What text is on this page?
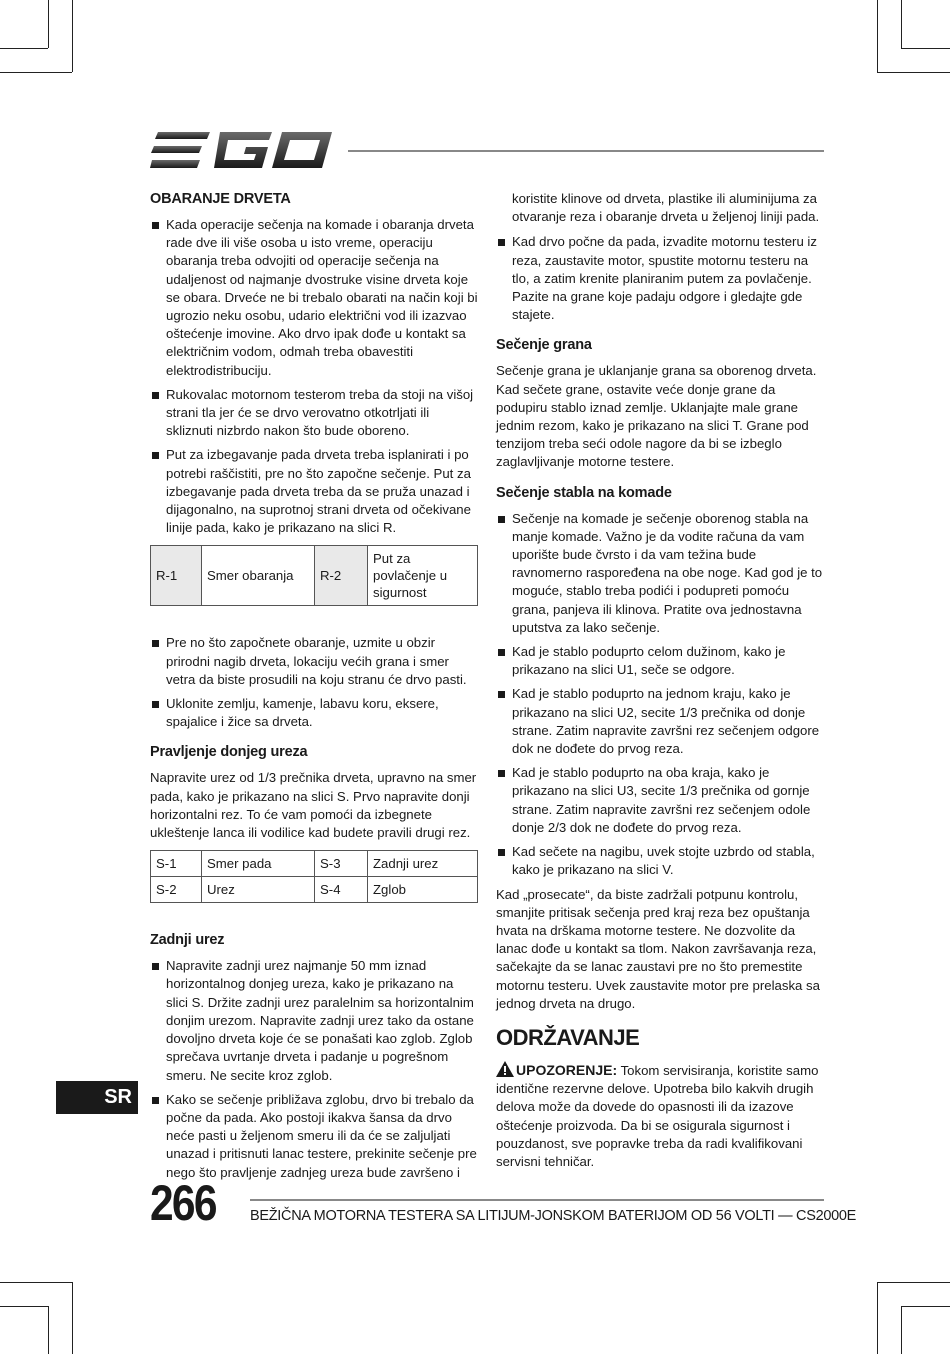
OBARANJE DRVETA
Kada operacije sečenja na komade i obaranja drveta rade dve ili više osoba u isto vreme, operaciju obaranja treba odvojiti od operacije sečenja na udaljenost od najmanje dvostruke visine drveta koje se obara. Drveće ne bi trebalo obarati na način koji bi ugrozio neku osobu, udario električni vod ili izazvao oštećenje imovine. Ako drvo ipak dođe u kontakt sa električnim vodom, odmah treba obavestiti elektrodistribuciju.
Rukovalac motornom testerom treba da stoji na višoj strani tla jer će se drvo verovatno otkotrljati ili skliznuti nizbrdo nakon što bude oboreno.
Put za izbegavanje pada drveta treba isplanirati i po potrebi raščistiti, pre no što započne sečenje. Put za izbegavanje pada drveta treba da se pruža unazad i dijagonalno, na suprotnoj strani drveta od očekivane linije pada, kako je prikazano na slici R.
R-1	Smer obaranja	R-2	Put za povlačenje u sigurnost
Pre no što započnete obaranje, uzmite u obzir prirodni nagib drveta, lokaciju većih grana i smer vetra da biste prosudili na koju stranu će drvo pasti.
Uklonite zemlju, kamenje, labavu koru, eksere, spajalice i žice sa drveta.
Pravljenje donjeg ureza

Napravite urez od 1/3 prečnika drveta, upravno na smer pada, kako je prikazano na slici S. Prvo napravite donji horizontalni rez. To će vam pomoći da izbegnete ukleštenje lanca ili vodilice kad budete pravili drugi rez.

S-1	Smer pada	S-3	Zadnji urez
S-2	Urez	S-4	Zglob
Zadnji urez
Napravite zadnji urez najmanje 50 mm iznad horizontalnog donjeg ureza, kako je prikazano na slici S. Držite zadnji urez paralelnim sa horizontalnim donjim urezom. Napravite zadnji urez tako da ostane dovoljno drveta koje će se ponašati kao zglob. Zglob sprečava uvrtanje drveta i padanje u pogrešnom smeru. Ne secite kroz zglob.
Kako se sečenje približava zglobu, drvo bi trebalo da počne da pada. Ako postoji ikakva šansa da drvo neće pasti u željenom smeru ili da će se zaljuljati unazad i pritisnuti lanac testere, prekinite sečenje pre nego što pravljenje zadnjeg ureza bude završeno i

koristite klinove od drveta, plastike ili aluminijuma za otvaranje reza i obaranje drveta u željenoj liniji pada.

Kad drvo počne da pada, izvadite motornu testeru iz reza, zaustavite motor, spustite motornu testeru na tlo, a zatim krenite planiranim putem za povlačenje. Pazite na grane koje padaju odgore i gledajte gde stajete.
Sečenje grana

Sečenje grana je uklanjanje grana sa oborenog drveta. Kad sečete grane, ostavite veće donje grane da podupiru stablo iznad zemlje. Uklanjajte male grane jednim rezom, kako je prikazano na slici T. Grane pod tenzijom treba seći odole nagore da bi se izbeglo zaglavljivanje motorne testere.

Sečenje stabla na komade
Sečenje na komade je sečenje oborenog stabla na manje komade. Važno je da vodite računa da vam uporište bude čvrsto i da vam težina bude ravnomerno raspoređena na obe noge. Kad god je to moguće, stablo treba podići i poduprеti pomoću grana, panjeva ili klinova. Pratite ova jednostavna uputstva za lako sečenje.
Kad je stablo poduprto celom dužinom, kako je prikazano na slici U1, seče se odgore.
Kad je stablo poduprto na jednom kraju, kako je prikazano na slici U2, secite 1/3 prečnika od donje strane. Zatim napravite završni rez sečenjem odgore dok ne dođete do prvog reza.
Kad je stablo poduprto na oba kraja, kako je prikazano na slici U3, secite 1/3 prečnika od gornje strane. Zatim napravite završni rez sečenjem odole donje 2/3 dok ne dođete do prvog reza.
Kad sečete na nagibu, uvek stojte uzbrdo od stabla, kako je prikazano na slici V.

Kad „prosecate“, da biste zadržali potpunu kontrolu, smanjite pritisak sečenja pred kraj reza bez opuštanja hvata na drškama motorne testere. Ne dozvolite da lanac dođe u kontakt sa tlom. Nakon završavanja reza, sačekajte da se lanac zaustavi pre no što premestite motornu testeru. Uvek zaustavite motor pre prelaska sa jednog drveta na drugo.

ODRŽAVANJE

UPOZORENJE: Tokom servisiranja, koristite samo identične rezervne delove. Upotreba bilo kakvih drugih delova može da dovede do opasnosti ili da izazove oštećenje proizvoda. Da bi se osigurala sigurnost i pouzdanost, sve popravke treba da radi kvalifikovani servisni tehničar.

SR
266 BEŽIČNA MOTORNA TESTERA SA LITIJUM-JONSKOM BATERIJOM OD 56 VOLTI — CS2000E
